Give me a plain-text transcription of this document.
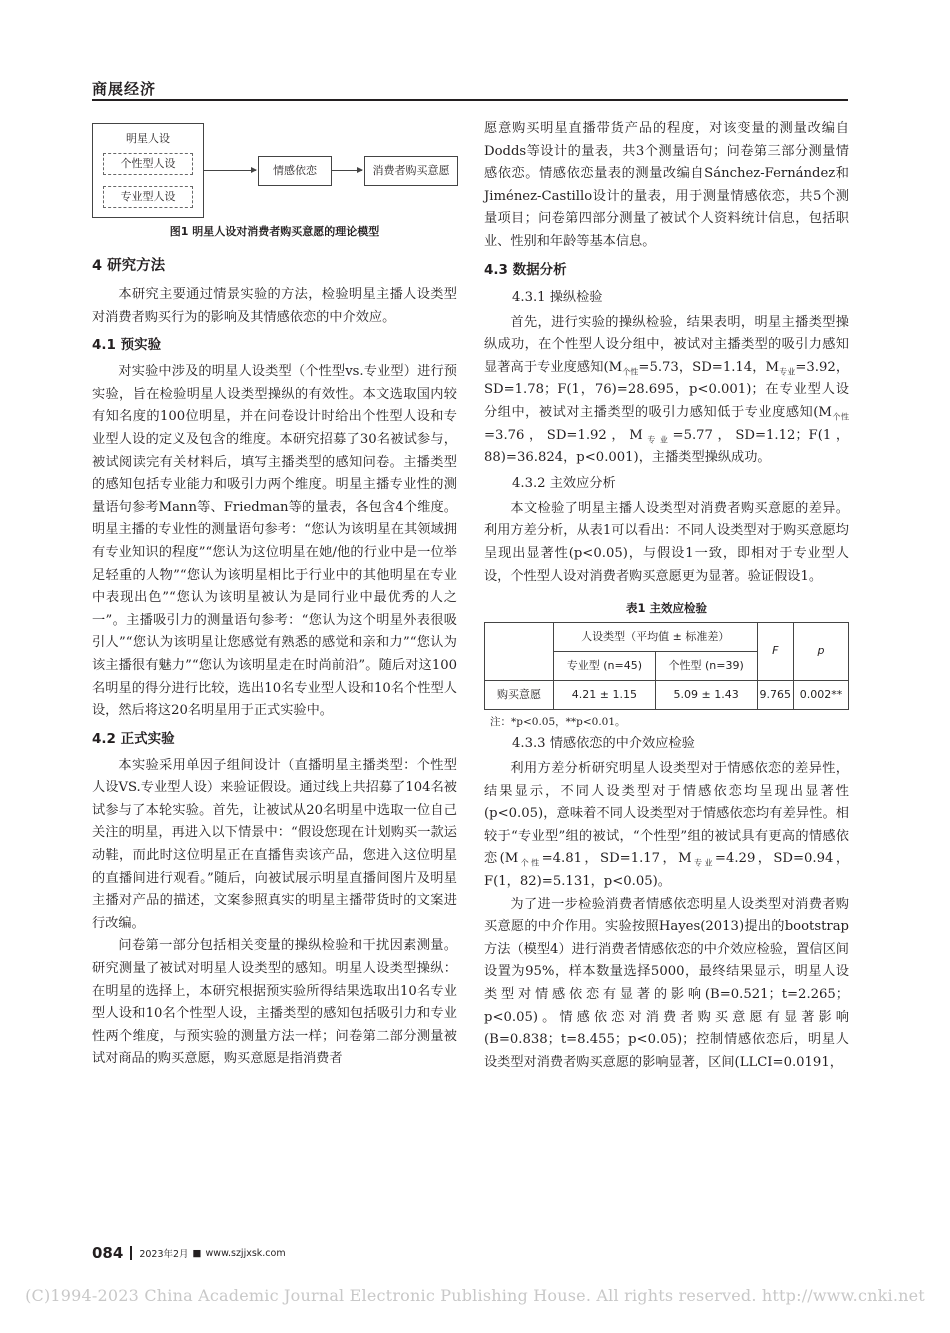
商展经济
明星人设
个性型人设
专业型人设
情感依恋	消费者购买意愿
图1 明星人设对消费者购买意愿的理论模型
4 研究方法

本研究主要通过情景实验的方法，检验明星主播人设类型对消费者购买行为的影响及其情感依恋的中介效应。

4.1 预实验

对实验中涉及的明星人设类型（个性型vs.专业型）进行预实验，旨在检验明星人设类型操纵的有效性。本文选取国内较有知名度的100位明星，并在问卷设计时给出个性型人设和专业型人设的定义及包含的维度。本研究招募了30名被试参与，被试阅读完有关材料后，填写主播类型的感知问卷。主播类型的感知包括专业能力和吸引力两个维度。明星主播专业性的测量语句参考Mann等、Friedman等的量表，各包含4个维度。明星主播的专业性的测量语句参考：“您认为该明星在其领域拥有专业知识的程度”“您认为这位明星在她/他的行业中是一位举足轻重的人物”“您认为该明星相比于行业中的其他明星在专业中表现出色”“您认为该明星被认为是同行业中最优秀的人之一”。主播吸引力的测量语句参考：“您认为这个明星外表很吸引人”“您认为该明星让您感觉有熟悉的感觉和亲和力”“您认为该主播很有魅力”“您认为该明星走在时尚前沿”。随后对这100名明星的得分进行比较，选出10名专业型人设和10名个性型人设，然后将这20名明星用于正式实验中。

4.2 正式实验

本实验采用单因子组间设计（直播明星主播类型：个性型人设VS.专业型人设）来验证假设。通过线上共招募了104名被试参与了本轮实验。首先，让被试从20名明星中选取一位自己关注的明星，再进入以下情景中：“假设您现在计划购买一款运动鞋，而此时这位明星正在直播售卖该产品，您进入这位明星的直播间进行观看。”随后，向被试展示明星直播间图片及明星主播对产品的描述，文案参照真实的明星主播带货时的文案进行改编。

问卷第一部分包括相关变量的操纵检验和干扰因素测量。研究测量了被试对明星人设类型的感知。明星人设类型操纵：在明星的选择上，本研究根据预实验所得结果选取出10名专业型人设和10名个性型人设，主播类型的感知包括吸引力和专业性两个维度，与预实验的测量方法一样；问卷第二部分测量被试对商品的购买意愿，购买意愿是指消费者

愿意购买明星直播带货产品的程度，对该变量的测量改编自Dodds等设计的量表，共3个测量语句；问卷第三部分测量情感依恋。情感依恋量表的测量改编自Sánchez-Fernández和 Jiménez-Castillo设计的量表，用于测量情感依恋，共5个测量项目；问卷第四部分测量了被试个人资料统计信息，包括职业、性别和年龄等基本信息。

4.3 数据分析
4.3.1 操纵检验

首先，进行实验的操纵检验，结果表明，明星主播类型操纵成功，在个性型人设分组中，被试对主播类型的吸引力感知显著高于专业度感知($M_{个性}=5.73$，SD=1.14，$M_{专业}=3.92$，SD=1.78；F(1，76)=28.695，p<0.001)；在专业型人设分组中，被试对主播类型的吸引力感知低于专业度感知($M_{个性}=3.76$，SD=1.92，$M_{专业}=5.77$，SD=1.12；F(1，88)=36.824，p<0.001)，主播类型操纵成功。

4.3.2 主效应分析

本文检验了明星主播人设类型对消费者购买意愿的差异。利用方差分析，从表1可以看出：不同人设类型对于购买意愿均呈现出显著性(p<0.05)，与假设1一致，即相对于专业型人设，个性型人设对消费者购买意愿更为显著。验证假设1。

表1 主效应检验
	人设类型（平均值 ± 标准差）		F	p
	专业型 (n=45)	个性型 (n=39)		
购买意愿	4.21 ± 1.15	5.09 ± 1.43	9.765	0.002**
注：*p<0.05，**p<0.01。
4.3.3 情感依恋的中介效应检验

利用方差分析研究明星人设类型对于情感依恋的差异性，结果显示，不同人设类型对于情感依恋均呈现出显著性(p<0.05)，意味着不同人设类型对于情感依恋均有差异性。相较于“专业型”组的被试，“个性型”组的被试具有更高的情感依恋($M_{个性}=4.81$，SD=1.17，$M_{专业}=4.29$，SD=0.94，F(1，82)=5.131，p<0.05)。

为了进一步检验消费者情感依恋明星人设类型对消费者购买意愿的中介作用。实验按照Hayes(2013)提出的bootstrap方法（模型4）进行消费者情感依恋的中介效应检验，置信区间设置为95%，样本数量选择5000，最终结果显示，明星人设类型对情感依恋有显著的影响(B=0.521；t=2.265；p<0.05)。情感依恋对消费者购买意愿有显著影响(B=0.838；t=8.455；p<0.05)；控制情感依恋后，明星人设类型对消费者购买意愿的影响显著，区间(LLCI=0.0191，

084 2023年2月 ■ www.szjjxsk.com
(C)1994-2023 China Academic Journal Electronic Publishing House. All rights reserved. http://www.cnki.net
